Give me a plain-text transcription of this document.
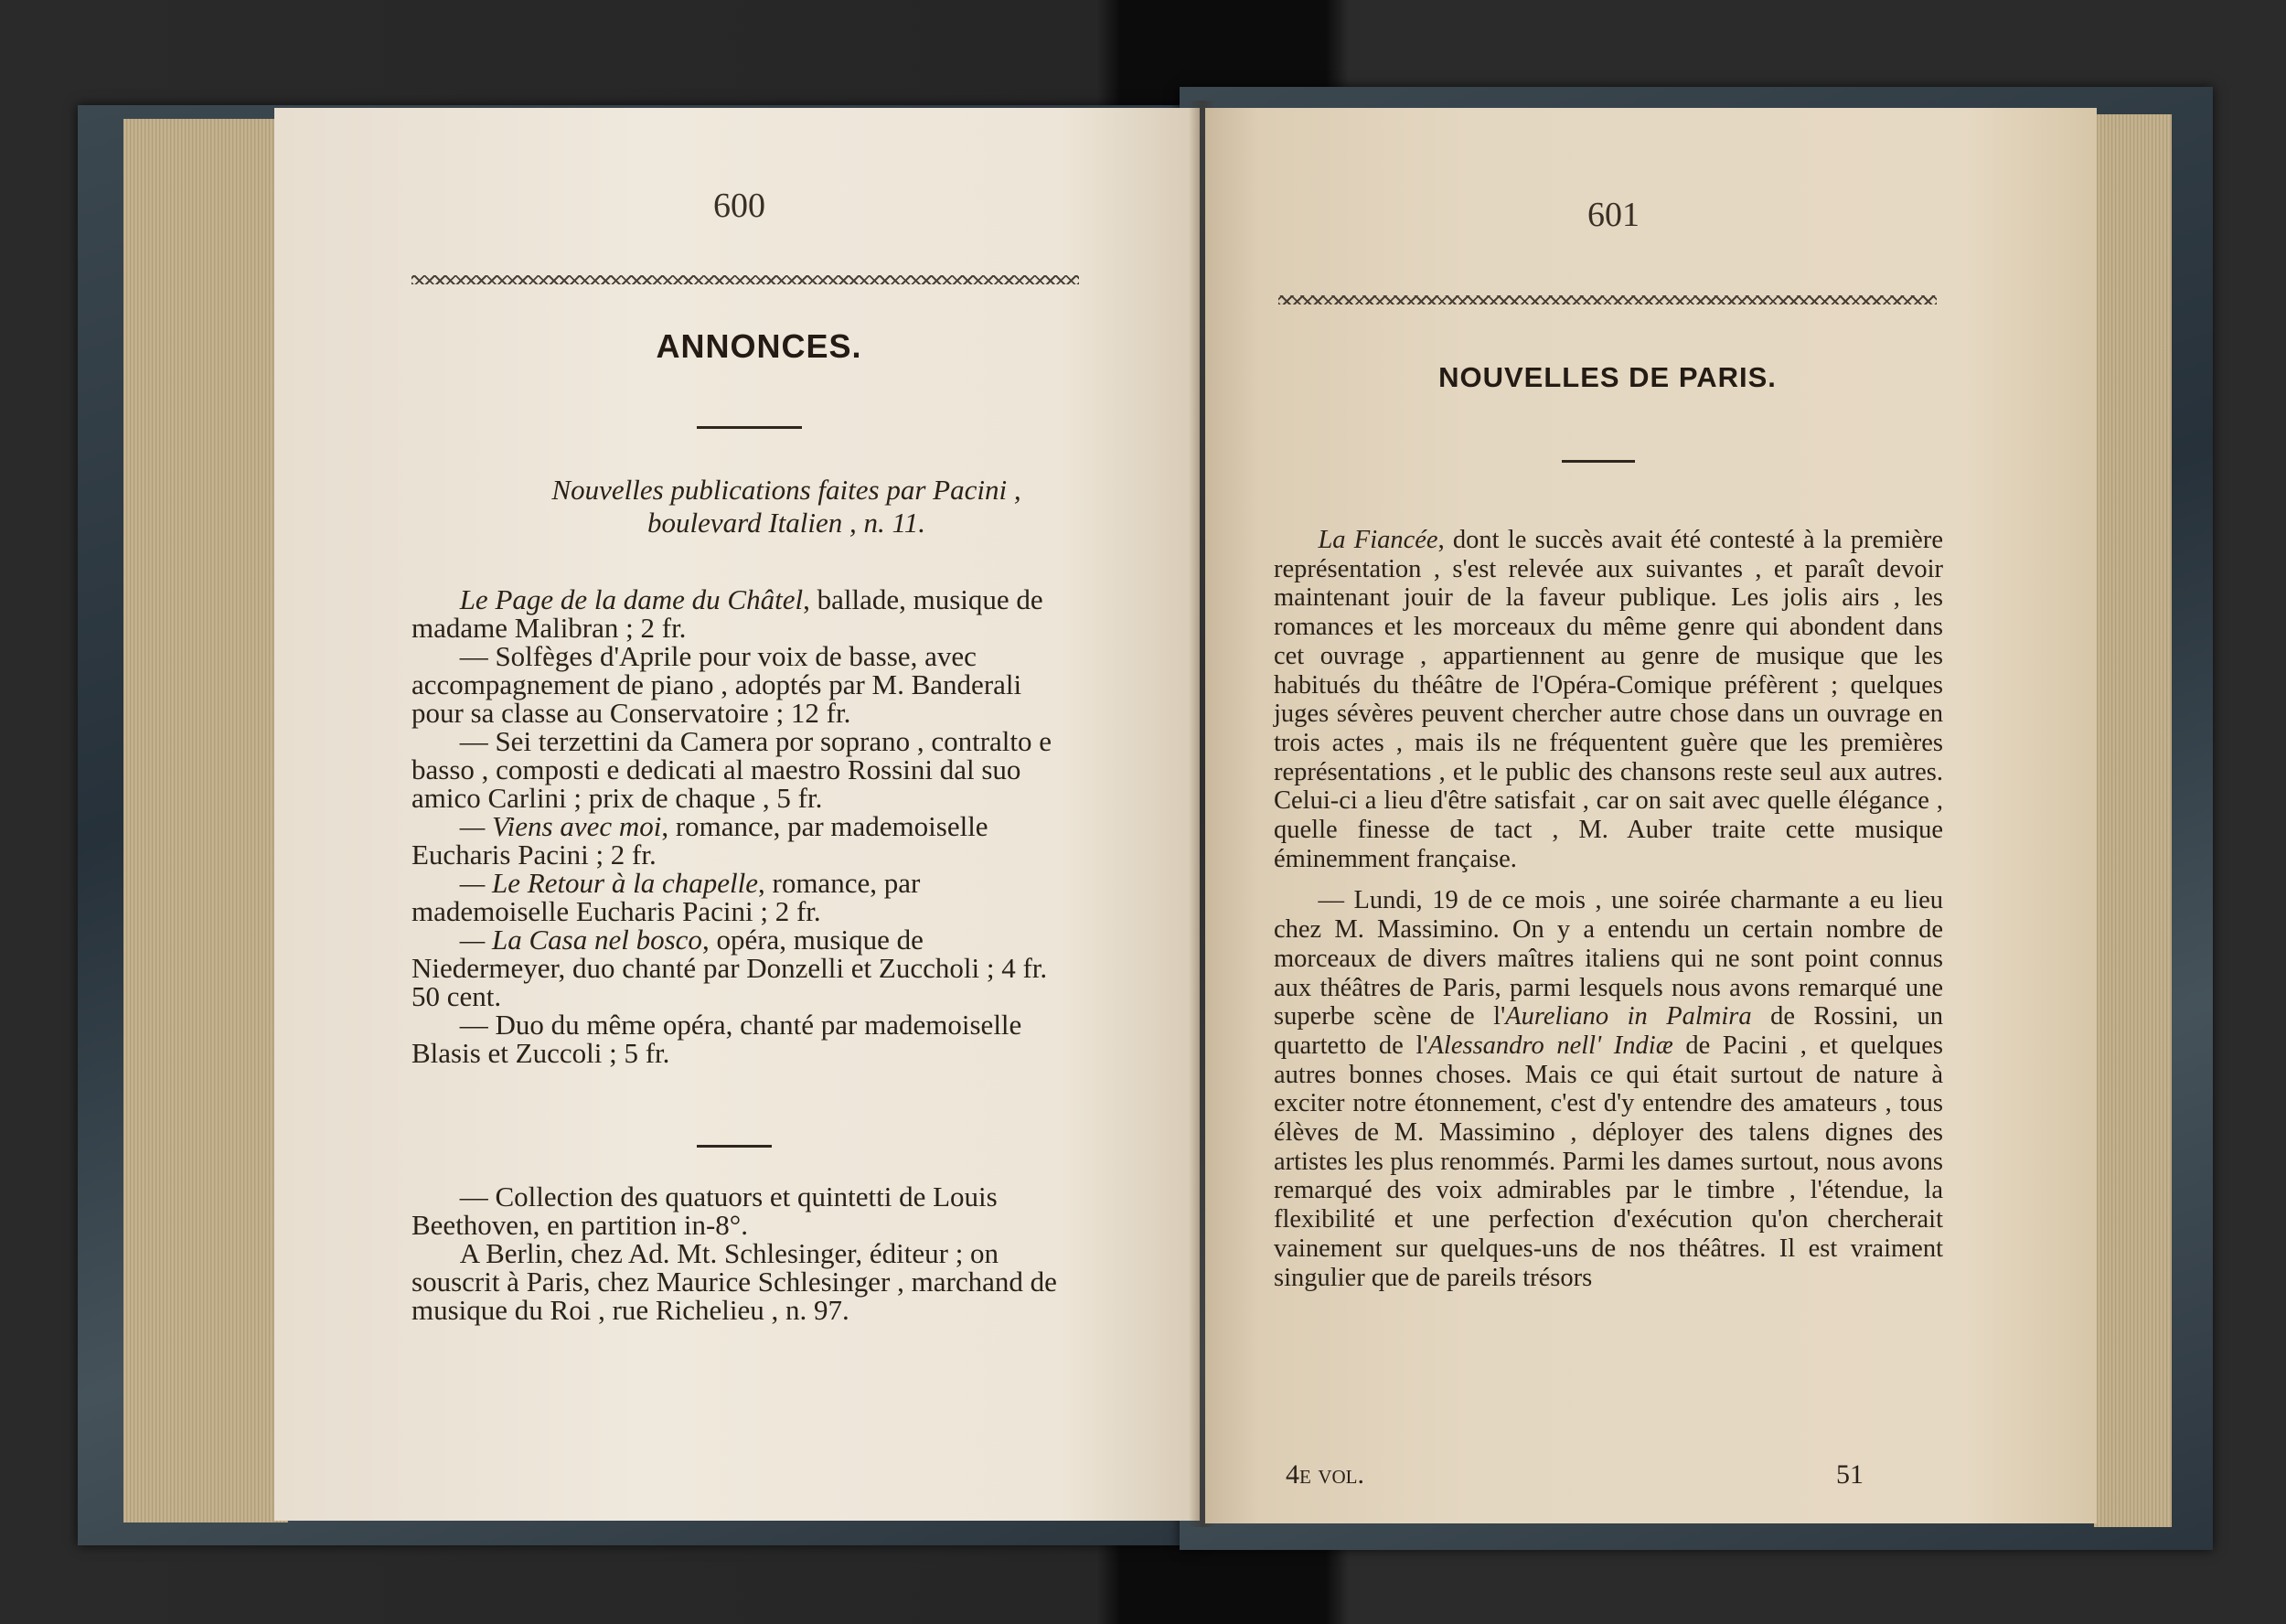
600
ANNONCES.
Nouvelles publications faites par Pacini ,
boulevard Italien , n. 11.

Le Page de la dame du Châtel, ballade, musique de madame Malibran ; 2 fr.

— Solfèges d'Aprile pour voix de basse, avec accompagnement de piano , adoptés par M. Banderali pour sa classe au Conservatoire ; 12 fr.

— Sei terzettini da Camera por soprano , contralto e basso , composti e dedicati al maestro Rossini dal suo amico Carlini ; prix de chaque , 5 fr.

— Viens avec moi, romance, par mademoiselle Eucharis Pacini ; 2 fr.

— Le Retour à la chapelle, romance, par mademoiselle Eucharis Pacini ; 2 fr.

— La Casa nel bosco, opéra, musique de Niedermeyer, duo chanté par Donzelli et Zuccholi ; 4 fr. 50 cent.

— Duo du même opéra, chanté par mademoiselle Blasis et Zuccoli ; 5 fr.

— Collection des quatuors et quintetti de Louis Beethoven, en partition in-8°.

A Berlin, chez Ad. Mt. Schlesinger, éditeur ; on souscrit à Paris, chez Maurice Schlesinger , marchand de musique du Roi , rue Richelieu , n. 97.

601
NOUVELLES DE PARIS.

La Fiancée, dont le succès avait été contesté à la première représentation , s'est relevée aux suivantes , et paraît devoir maintenant jouir de la faveur publique. Les jolis airs , les romances et les morceaux du même genre qui abondent dans cet ouvrage , appartiennent au genre de musique que les habitués du théâtre de l'Opéra-Comique préfèrent ; quelques juges sévères peuvent chercher autre chose dans un ouvrage en trois actes , mais ils ne fréquentent guère que les premières représentations , et le public des chansons reste seul aux autres. Celui-ci a lieu d'être satisfait , car on sait avec quelle élégance , quelle finesse de tact , M. Auber traite cette musique éminemment française.

— Lundi, 19 de ce mois , une soirée charmante a eu lieu chez M. Massimino. On y a entendu un certain nombre de morceaux de divers maîtres italiens qui ne sont point connus aux théâtres de Paris, parmi lesquels nous avons remarqué une superbe scène de l'Aureliano in Palmira de Rossini, un quartetto de l'Alessandro nell' Indiæ de Pacini , et quelques autres bonnes choses. Mais ce qui était surtout de nature à exciter notre étonnement, c'est d'y entendre des amateurs , tous élèves de M. Massimino , déployer des talens dignes des artistes les plus renommés. Parmi les dames surtout, nous avons remarqué des voix admirables par le timbre , l'étendue, la flexibilité et une perfection d'exécution qu'on chercherait vainement sur quelques-uns de nos théâtres. Il est vraiment singulier que de pareils trésors

4e vol.	51
